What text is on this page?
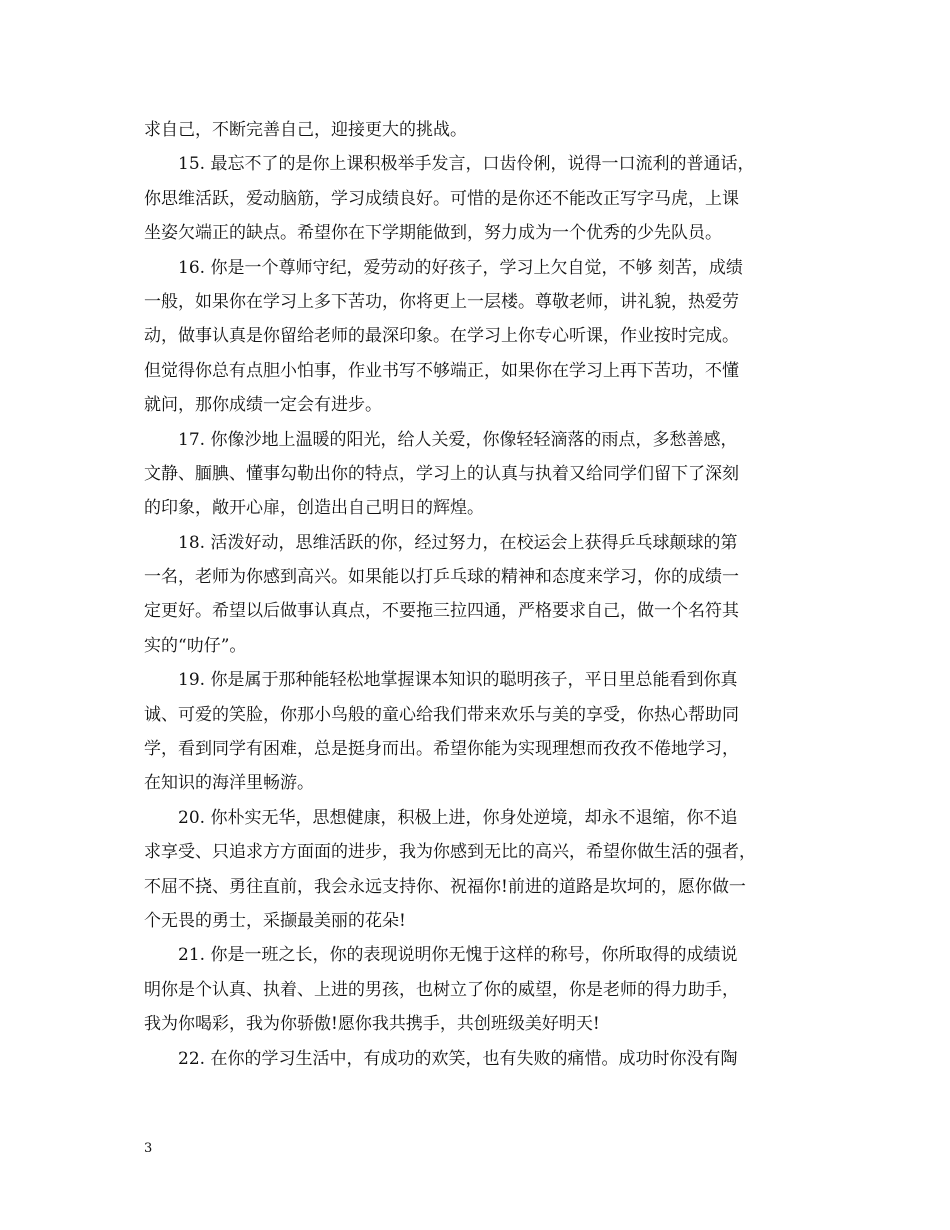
求自己，不断完善自己，迎接更大的挑战。
15. 最忘不了的是你上课积极举手发言，口齿伶俐，说得一口流利的普通话，
你思维活跃，爱动脑筋，学习成绩良好。可惜的是你还不能改正写字马虎，上课
坐姿欠端正的缺点。希望你在下学期能做到，努力成为一个优秀的少先队员。
16. 你是一个尊师守纪，爱劳动的好孩子，学习上欠自觉，不够 刻苦，成绩
一般，如果你在学习上多下苦功，你将更上一层楼。尊敬老师，讲礼貌，热爱劳
动，做事认真是你留给老师的最深印象。在学习上你专心听课，作业按时完成。
但觉得你总有点胆小怕事，作业书写不够端正，如果你在学习上再下苦功，不懂
就问，那你成绩一定会有进步。
17. 你像沙地上温暖的阳光，给人关爱，你像轻轻滴落的雨点，多愁善感，
文静、腼腆、懂事勾勒出你的特点，学习上的认真与执着又给同学们留下了深刻
的印象，敞开心扉，创造出自己明日的辉煌。
18. 活泼好动，思维活跃的你，经过努力，在校运会上获得乒乓球颠球的第
一名，老师为你感到高兴。如果能以打乒乓球的精神和态度来学习，你的成绩一
定更好。希望以后做事认真点，不要拖三拉四通，严格要求自己，做一个名符其
实的“叻仔”。
19. 你是属于那种能轻松地掌握课本知识的聪明孩子，平日里总能看到你真
诚、可爱的笑脸，你那小鸟般的童心给我们带来欢乐与美的享受，你热心帮助同
学，看到同学有困难，总是挺身而出。希望你能为实现理想而孜孜不倦地学习，
在知识的海洋里畅游。
20. 你朴实无华，思想健康，积极上进，你身处逆境，却永不退缩，你不追
求享受、只追求方方面面的进步，我为你感到无比的高兴，希望你做生活的强者，
不屈不挠、勇往直前，我会永远支持你、祝福你!前进的道路是坎坷的，愿你做一
个无畏的勇士，采撷最美丽的花朵!
21. 你是一班之长，你的表现说明你无愧于这样的称号，你所取得的成绩说
明你是个认真、执着、上进的男孩，也树立了你的威望，你是老师的得力助手，
我为你喝彩，我为你骄傲!愿你我共携手，共创班级美好明天!
22. 在你的学习生活中，有成功的欢笑，也有失败的痛惜。成功时你没有陶
3
